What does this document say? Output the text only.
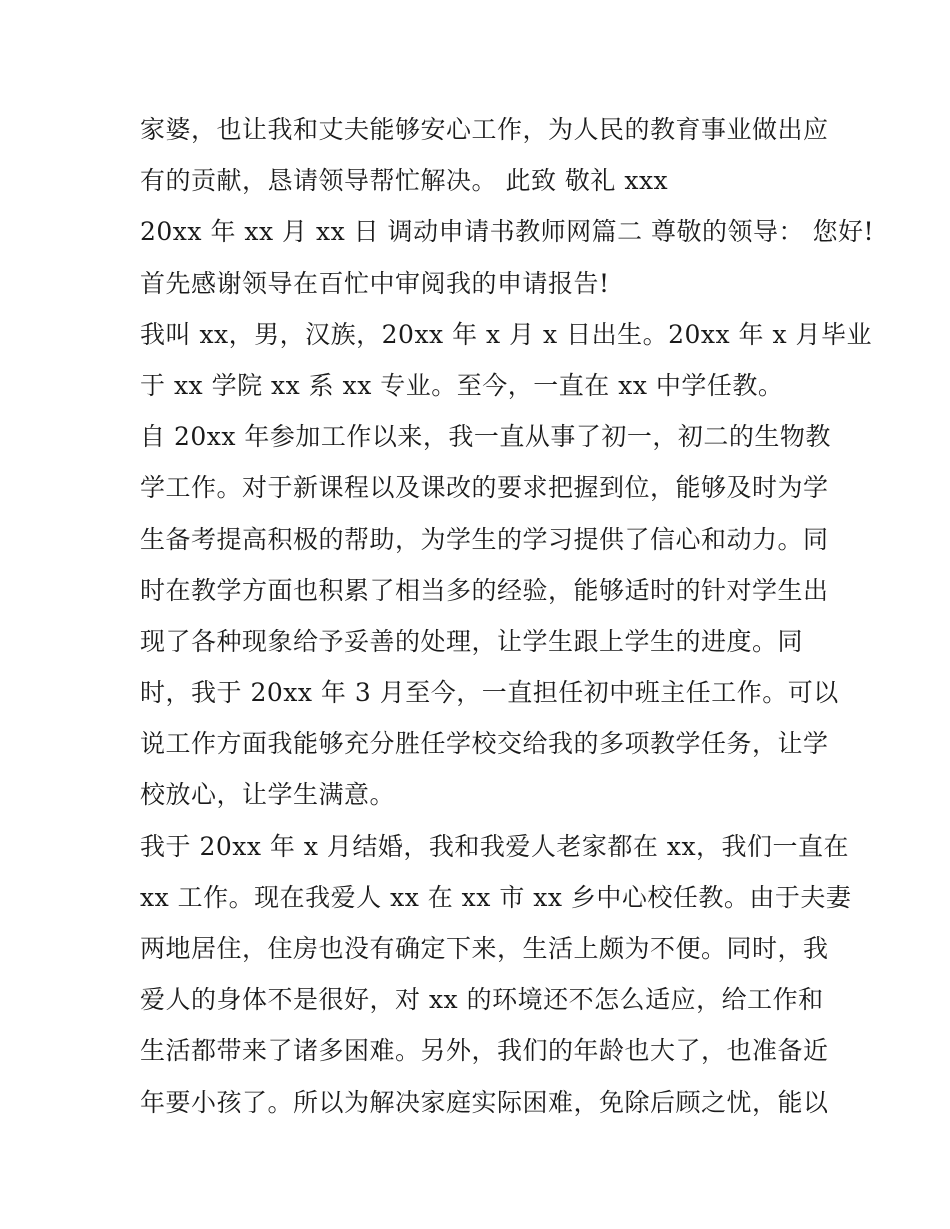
家婆，也让我和丈夫能够安心工作，为人民的教育事业做出应
有的贡献，恳请领导帮忙解决。 此致 敬礼 xxx
20xx 年 xx 月 xx 日 调动申请书教师网篇二 尊敬的领导： 您好!
首先感谢领导在百忙中审阅我的申请报告!
我叫 xx，男，汉族，20xx 年 x 月 x 日出生。20xx 年 x 月毕业
于 xx 学院 xx 系 xx 专业。至今，一直在 xx 中学任教。
自 20xx 年参加工作以来，我一直从事了初一，初二的生物教
学工作。对于新课程以及课改的要求把握到位，能够及时为学
生备考提高积极的帮助，为学生的学习提供了信心和动力。同
时在教学方面也积累了相当多的经验，能够适时的针对学生出
现了各种现象给予妥善的处理，让学生跟上学生的进度。同
时，我于 20xx 年 3 月至今，一直担任初中班主任工作。可以
说工作方面我能够充分胜任学校交给我的多项教学任务，让学
校放心，让学生满意。
我于 20xx 年 x 月结婚，我和我爱人老家都在 xx，我们一直在
xx 工作。现在我爱人 xx 在 xx 市 xx 乡中心校任教。由于夫妻
两地居住，住房也没有确定下来，生活上颇为不便。同时，我
爱人的身体不是很好，对 xx 的环境还不怎么适应，给工作和
生活都带来了诸多困难。另外，我们的年龄也大了，也准备近
年要小孩了。所以为解决家庭实际困难，免除后顾之忧，能以
